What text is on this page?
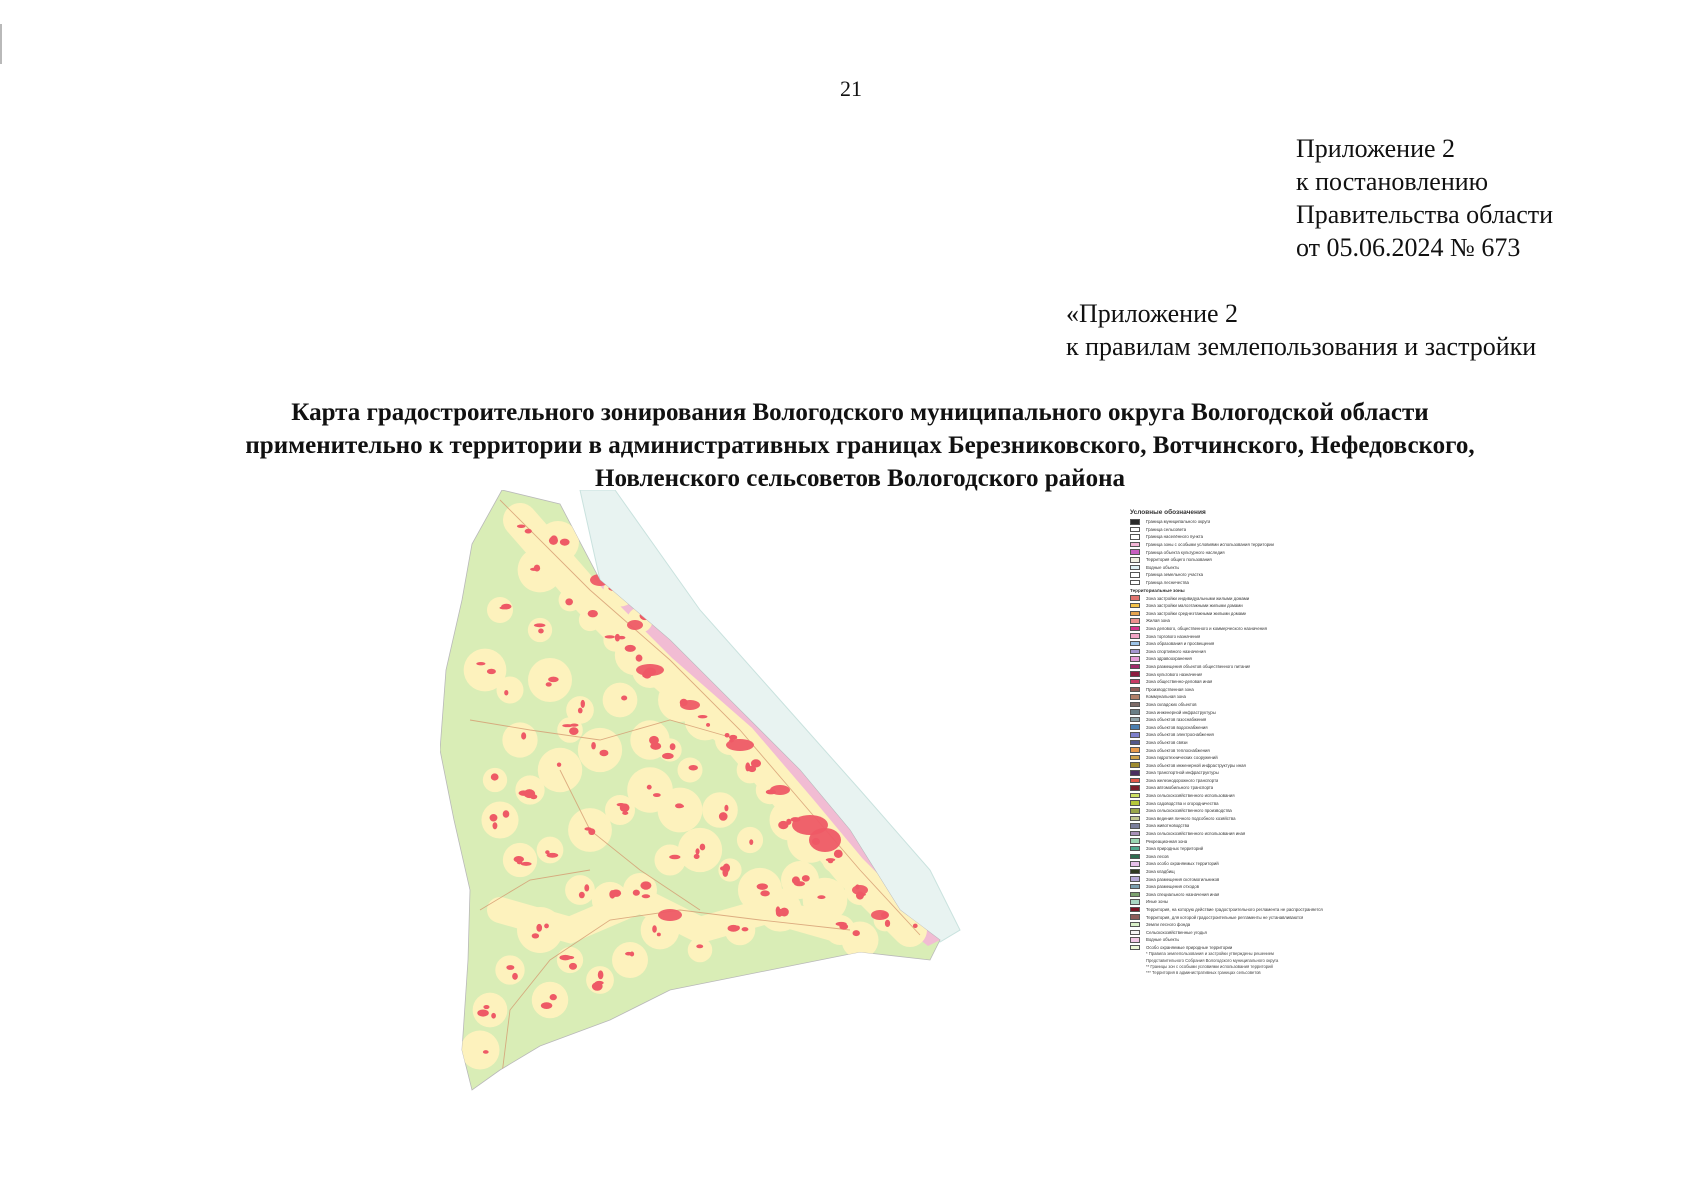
21
Приложение 2
к постановлению
Правительства области
от 05.06.2024 № 673
«Приложение 2
к правилам землепользования и застройки
Карта градостроительного зонирования Вологодского муниципального округа Вологодской области
применительно к территории в административных границах Березниковского, Вотчинского, Нефедовского,
Новленского сельсоветов Вологодского района
Условные обозначения
Граница муниципального округа
Граница сельсовета
Граница населённого пункта
Граница зоны с особыми условиями использования территории
Граница объекта культурного наследия
Территория общего пользования
Водные объекты
Граница земельного участка
Граница лесничества
Территориальные зоны
Зона застройки индивидуальными жилыми домами
Зона застройки малоэтажными жилыми домами
Зона застройки среднеэтажными жилыми домами
Жилая зона
Зона делового, общественного и коммерческого назначения
Зона торгового назначения
Зона образования и просвещения
Зона спортивного назначения
Зона здравоохранения
Зона размещения объектов общественного питания
Зона культового назначения
Зона общественно-деловая иная
Производственная зона
Коммунальная зона
Зона складских объектов
Зона инженерной инфраструктуры
Зона объектов газоснабжения
Зона объектов водоснабжения
Зона объектов электроснабжения
Зона объектов связи
Зона объектов теплоснабжения
Зона гидротехнических сооружений
Зона объектов инженерной инфраструктуры иная
Зона транспортной инфраструктуры
Зона железнодорожного транспорта
Зона автомобильного транспорта
Зона сельскохозяйственного использования
Зона садоводства и огородничества
Зона сельскохозяйственного производства
Зона ведения личного подсобного хозяйства
Зона животноводства
Зона сельскохозяйственного использования иная
Рекреационная зона
Зона природных территорий
Зона лесов
Зона особо охраняемых территорий
Зона кладбищ
Зона размещения скотомогильников
Зона размещения отходов
Зона специального назначения иная
Иные зоны
Территория, на которую действие градостроительного регламента не распространяется
Территория, для которой градостроительные регламенты не устанавливаются
Земли лесного фонда
Сельскохозяйственные угодья
Водные объекты
Особо охраняемые природные территории
* Правила землепользования и застройки утверждены решением
Представительного Собрания Вологодского муниципального округа
** Границы зон с особыми условиями использования территорий
*** Территория в административных границах сельсоветов
